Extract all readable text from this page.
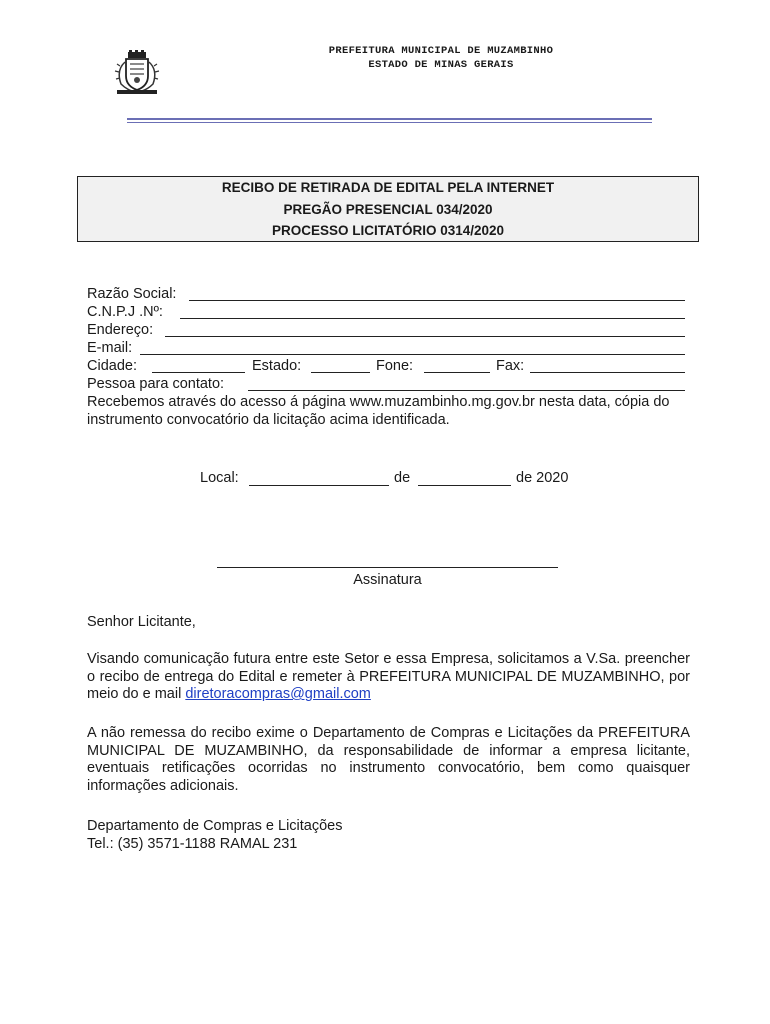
PREFEITURA MUNICIPAL DE MUZAMBINHO
ESTADO DE MINAS GERAIS
RECIBO DE RETIRADA DE EDITAL PELA INTERNET
PREGÃO PRESENCIAL 034/2020
PROCESSO LICITATÓRIO 0314/2020
Razão Social:
C.N.P.J .Nº:
Endereço:
E-mail:
Cidade:	Estado:	Fone:	Fax:
Pessoa para contato:
Recebemos através do acesso á página www.muzambinho.mg.gov.br nesta data, cópia do instrumento convocatório da licitação acima identificada.
Local:	de	de 2020
Assinatura
Senhor Licitante,
Visando comunicação futura entre este Setor e essa Empresa, solicitamos a V.Sa. preencher o recibo de entrega do Edital e remeter à PREFEITURA MUNICIPAL DE MUZAMBINHO, por meio do e mail diretoracompras@gmail.com
A não remessa do recibo exime o Departamento de Compras e Licitações da PREFEITURA MUNICIPAL DE MUZAMBINHO, da responsabilidade de informar a empresa licitante, eventuais retificações ocorridas no instrumento convocatório, bem como quaisquer informações adicionais.
Departamento de Compras e Licitações
Tel.: (35) 3571-1188 RAMAL 231
